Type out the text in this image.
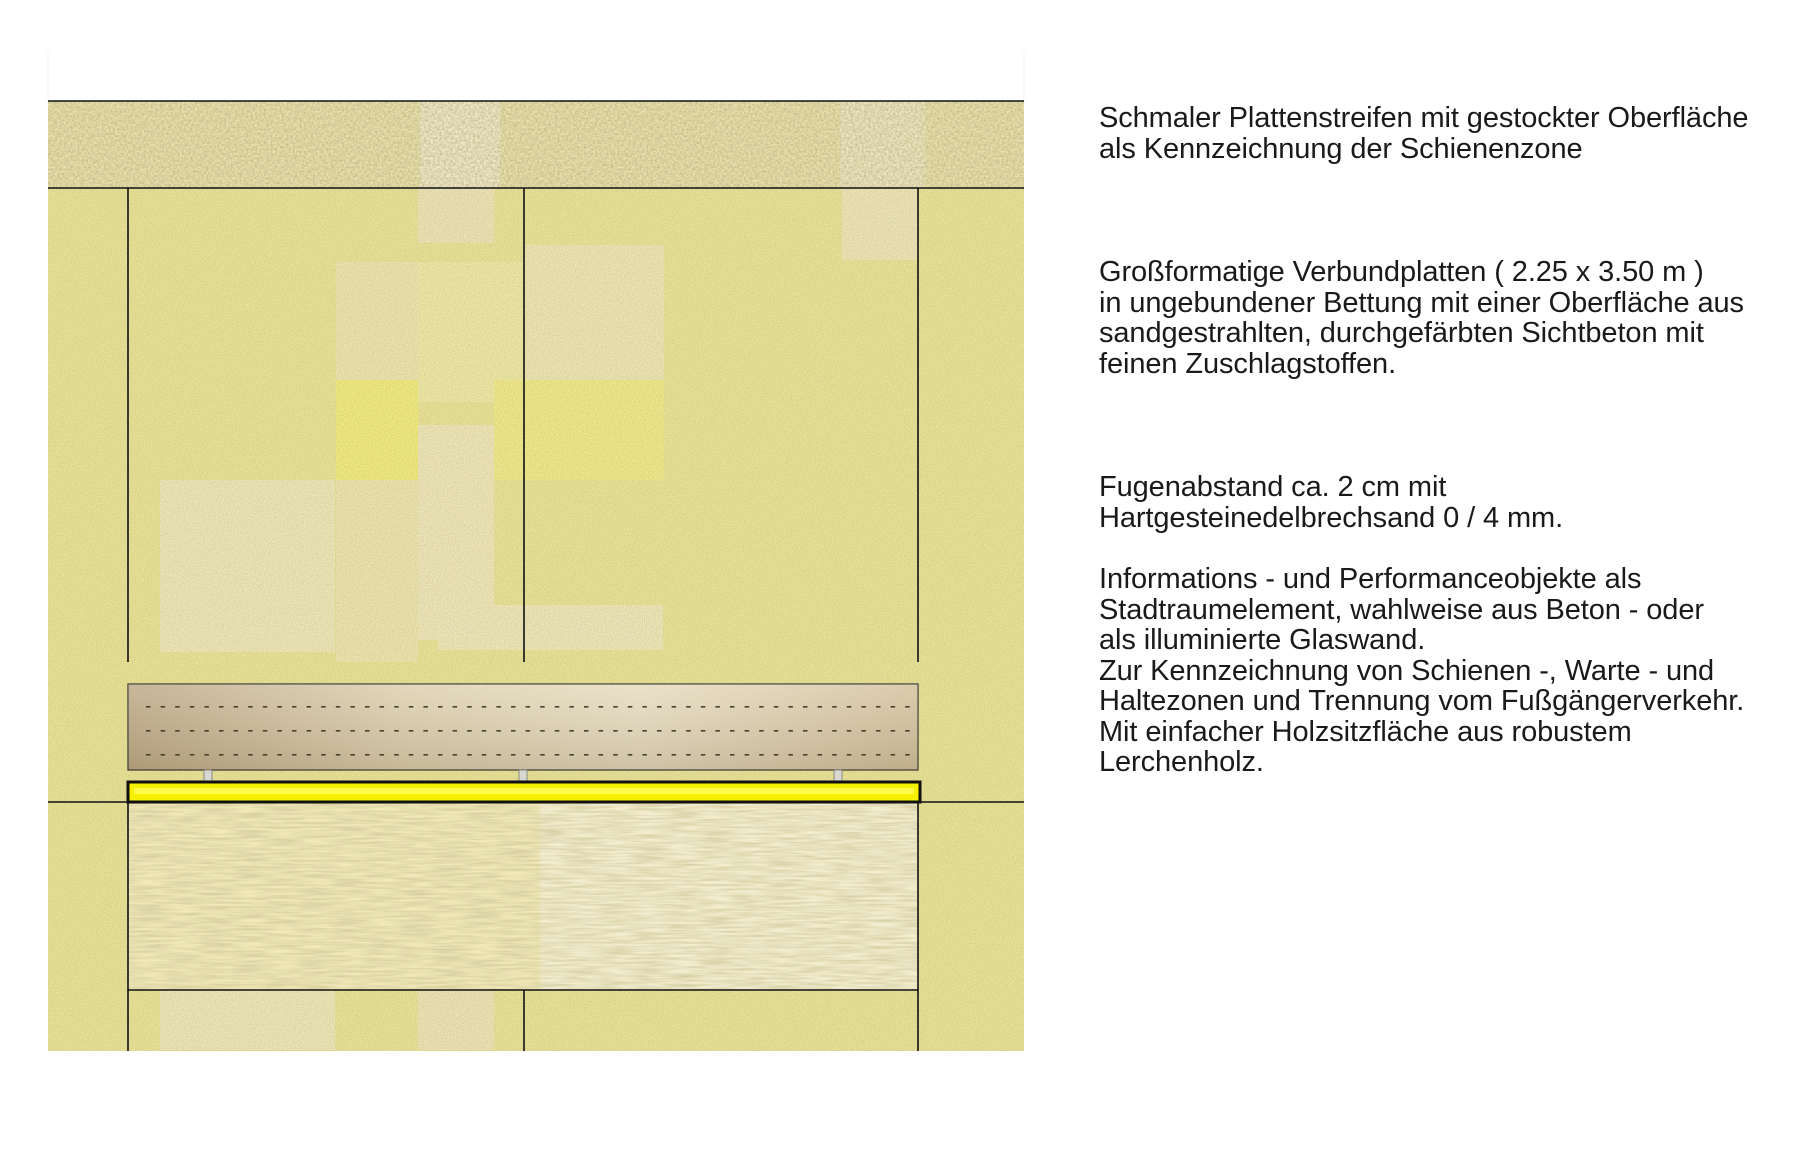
Schmaler Plattenstreifen mit gestockter Oberfläche
als Kennzeichnung der Schienenzone

Großformatige Verbundplatten ( 2.25 x 3.50 m )
in ungebundener Bettung mit einer Oberfläche aus
sandgestrahlten, durchgefärbten Sichtbeton mit
feinen Zuschlagstoffen.

Fugenabstand ca. 2 cm mit
Hartgesteinedelbrechsand 0 / 4 mm.

Informations - und Performanceobjekte als
Stadtraumelement, wahlweise aus Beton - oder
als illuminierte Glaswand.
Zur Kennzeichnung von Schienen -, Warte - und
Haltezonen und Trennung vom Fußgängerverkehr.
Mit einfacher Holzsitzfläche aus robustem
Lerchenholz.
